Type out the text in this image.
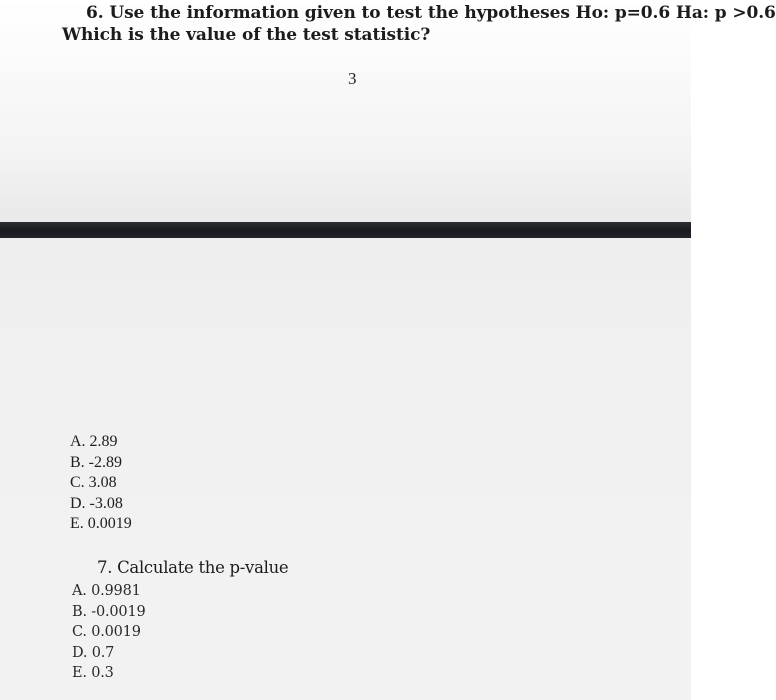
6. Use the information given to test the hypotheses Ho: p=0.6 Ha: p >0.6
Which is the value of the test statistic?
3
A. 2.89
B. -2.89
C. 3.08
D. -3.08
E. 0.0019
7. Calculate the p-value
A. 0.9981
B. -0.0019
C. 0.0019
D. 0.7
E. 0.3
